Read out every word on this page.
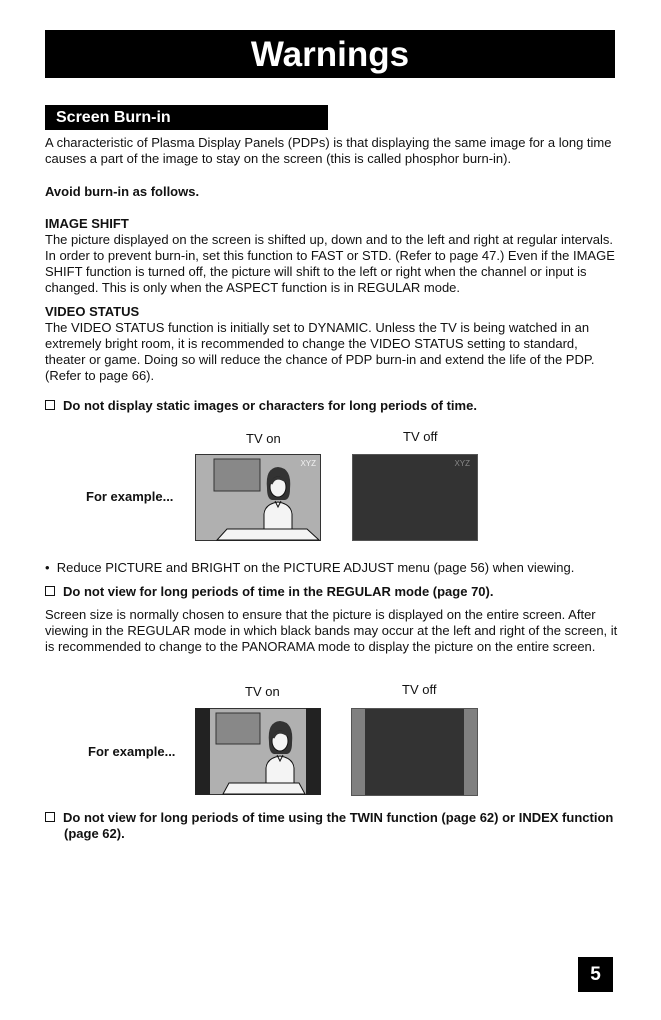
Warnings
Screen Burn-in

A characteristic of Plasma Display Panels (PDPs) is that displaying the same image for a long time causes a part of the image to stay on the screen (this is called phosphor burn-in).

Avoid burn-in as follows.

IMAGE SHIFT

The picture displayed on the screen is shifted up, down and to the left and right at regular intervals. In order to prevent burn-in, set this function to FAST or STD. (Refer to page 47.) Even if the IMAGE SHIFT function is turned off, the picture will shift to the left or right when the channel or input is changed. This is only when the ASPECT function is in REGULAR mode.

VIDEO STATUS

The VIDEO STATUS function is initially set to DYNAMIC. Unless the TV is being watched in an extremely bright room, it is recommended to change the VIDEO STATUS setting to standard, theater or game. Doing so will reduce the chance of PDP burn-in and extend the life of the PDP. (Refer to page 66).

Do not display static images or characters for long periods of time.
TV on	TV off
For example...
XYZ	XYZ
• Reduce PICTURE and BRIGHT on the PICTURE ADJUST menu (page 56) when viewing.
Do not view for long periods of time in the REGULAR mode (page 70).

Screen size is normally chosen to ensure that the picture is displayed on the entire screen. After viewing in the REGULAR mode in which black bands may occur at the left and right of the screen, it is recommended to change to the PANORAMA mode to display the picture on the entire screen.

TV on	TV off
For example...
Do not view for long periods of time using the TWIN function (page 62) or INDEX function (page 62).
5
